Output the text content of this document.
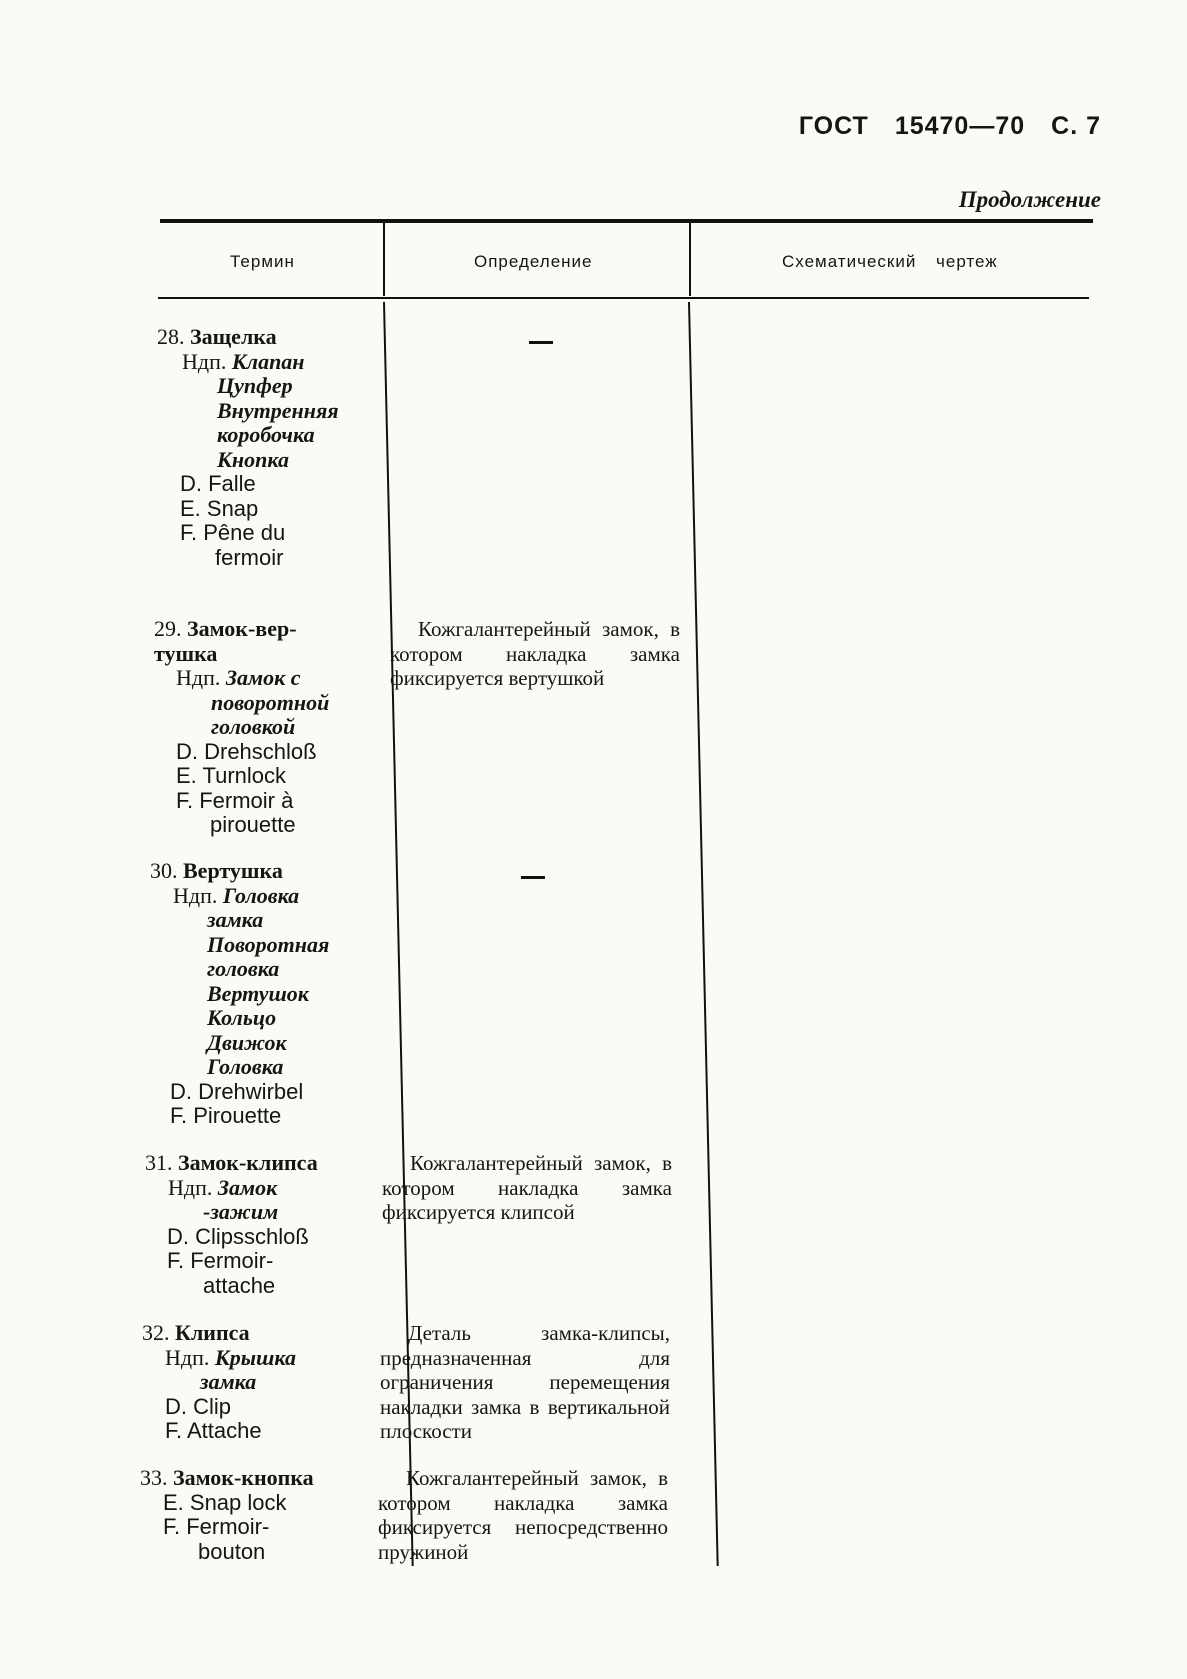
ГОСТ 15470—70 С. 7
Продолжение
Термин	Определение	Схематический чертеж
28. Защелка
Ндп. Клапан
Цупфер
Внутренняя
коробочка
Кнопка
D. Falle
E. Snap
F. Pêne du
fermoir
29. Замок-вер-
тушка
Ндп. Замок с
поворотной
головкой
D. Drehschloß
E. Turnlock
F. Fermoir à
pirouette
Кожгалантерейный замок, в котором накладка замка фиксируется вертушкой
30. Вертушка
Ндп. Головка
замка
Поворотная
головка
Вертушок
Кольцо
Движок
Головка
D. Drehwirbel
F. Pirouette
31. Замок-клипса
Ндп. Замок
-зажим
D. Clipsschloß
F. Fermoir-
attache
Кожгалантерейный замок, в котором накладка замка фиксируется клипсой
32. Клипса
Ндп. Крышка
замка
D. Clip
F. Attache
Деталь замка-клипсы, предназначенная для ограничения перемещения накладки замка в вертикальной плоскости
33. Замок-кнопка
E. Snap lock
F. Fermoir-
bouton
Кожгалантерейный замок, в котором накладка замка фиксируется непосредственно пружиной
